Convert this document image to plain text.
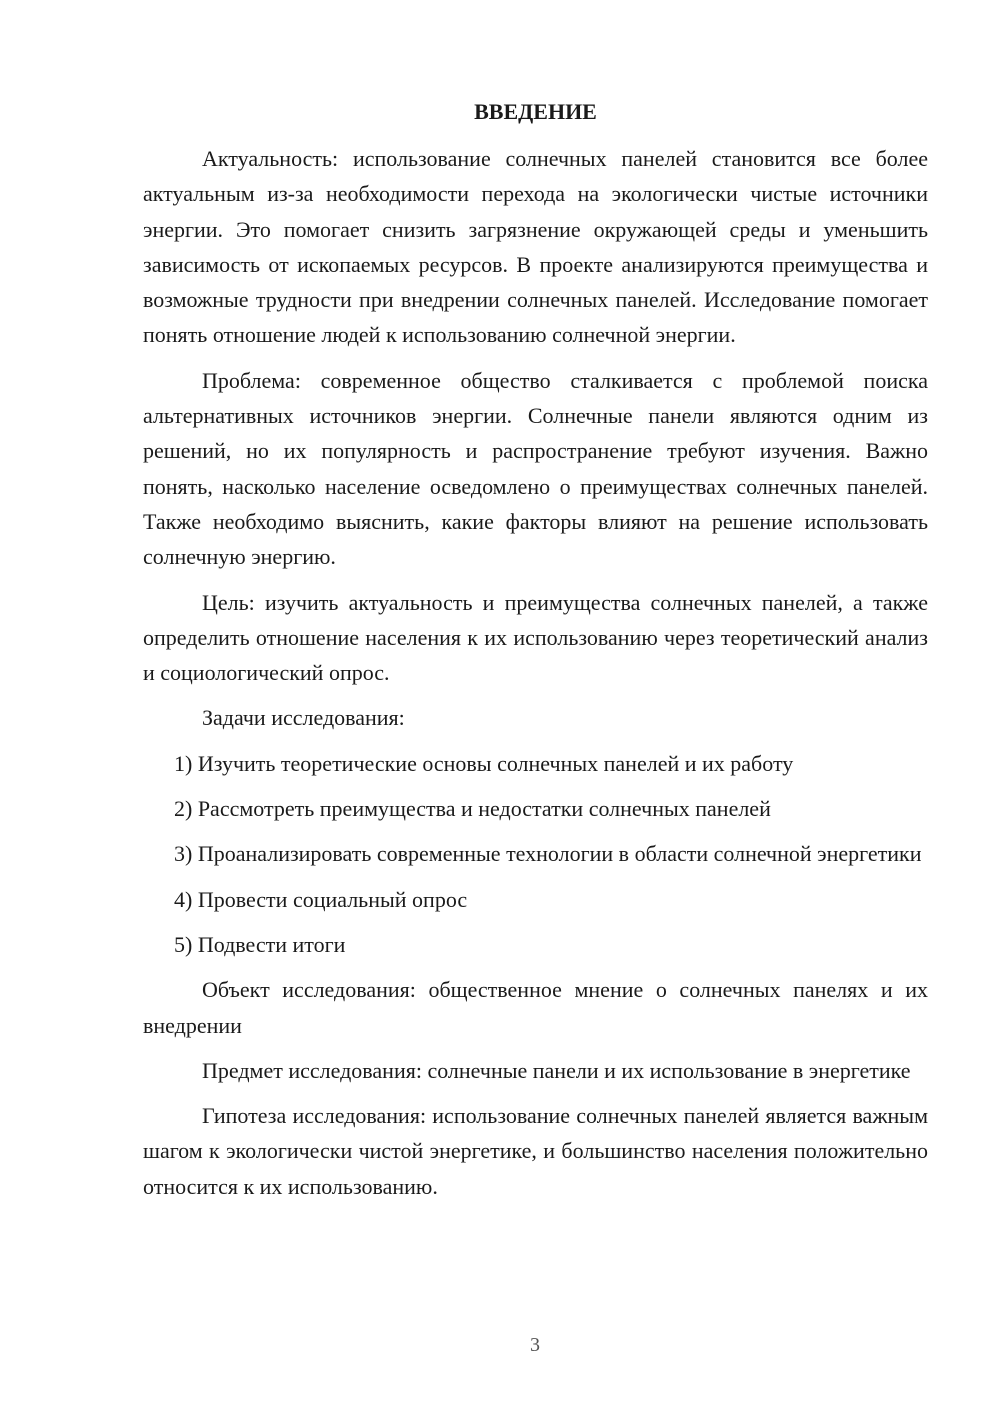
ВВЕДЕНИЕ

Актуальность: использование солнечных панелей становится все более актуальным из-за необходимости перехода на экологически чистые источники энергии. Это помогает снизить загрязнение окружающей среды и уменьшить зависимость от ископаемых ресурсов. В проекте анализируются преимущества и возможные трудности при внедрении солнечных панелей. Исследование помогает понять отношение людей к использованию солнечной энергии.

Проблема: современное общество сталкивается с проблемой поиска альтернативных источников энергии. Солнечные панели являются одним из решений, но их популярность и распространение требуют изучения. Важно понять, насколько население осведомлено о преимуществах солнечных панелей. Также необходимо выяснить, какие факторы влияют на решение использовать солнечную энергию.

Цель: изучить актуальность и преимущества солнечных панелей, а также определить отношение населения к их использованию через теоретический анализ и социологический опрос.

Задачи исследования:

1) Изучить теоретические основы солнечных панелей и их работу

2) Рассмотреть преимущества и недостатки солнечных панелей

3) Проанализировать современные технологии в области солнечной энергетики

4) Провести социальный опрос

5) Подвести итоги

Объект исследования: общественное мнение о солнечных панелях и их внедрении

Предмет исследования: солнечные панели и их использование в энергетике

Гипотеза исследования: использование солнечных панелей является важным шагом к экологически чистой энергетике, и большинство населения положительно относится к их использованию.

3
